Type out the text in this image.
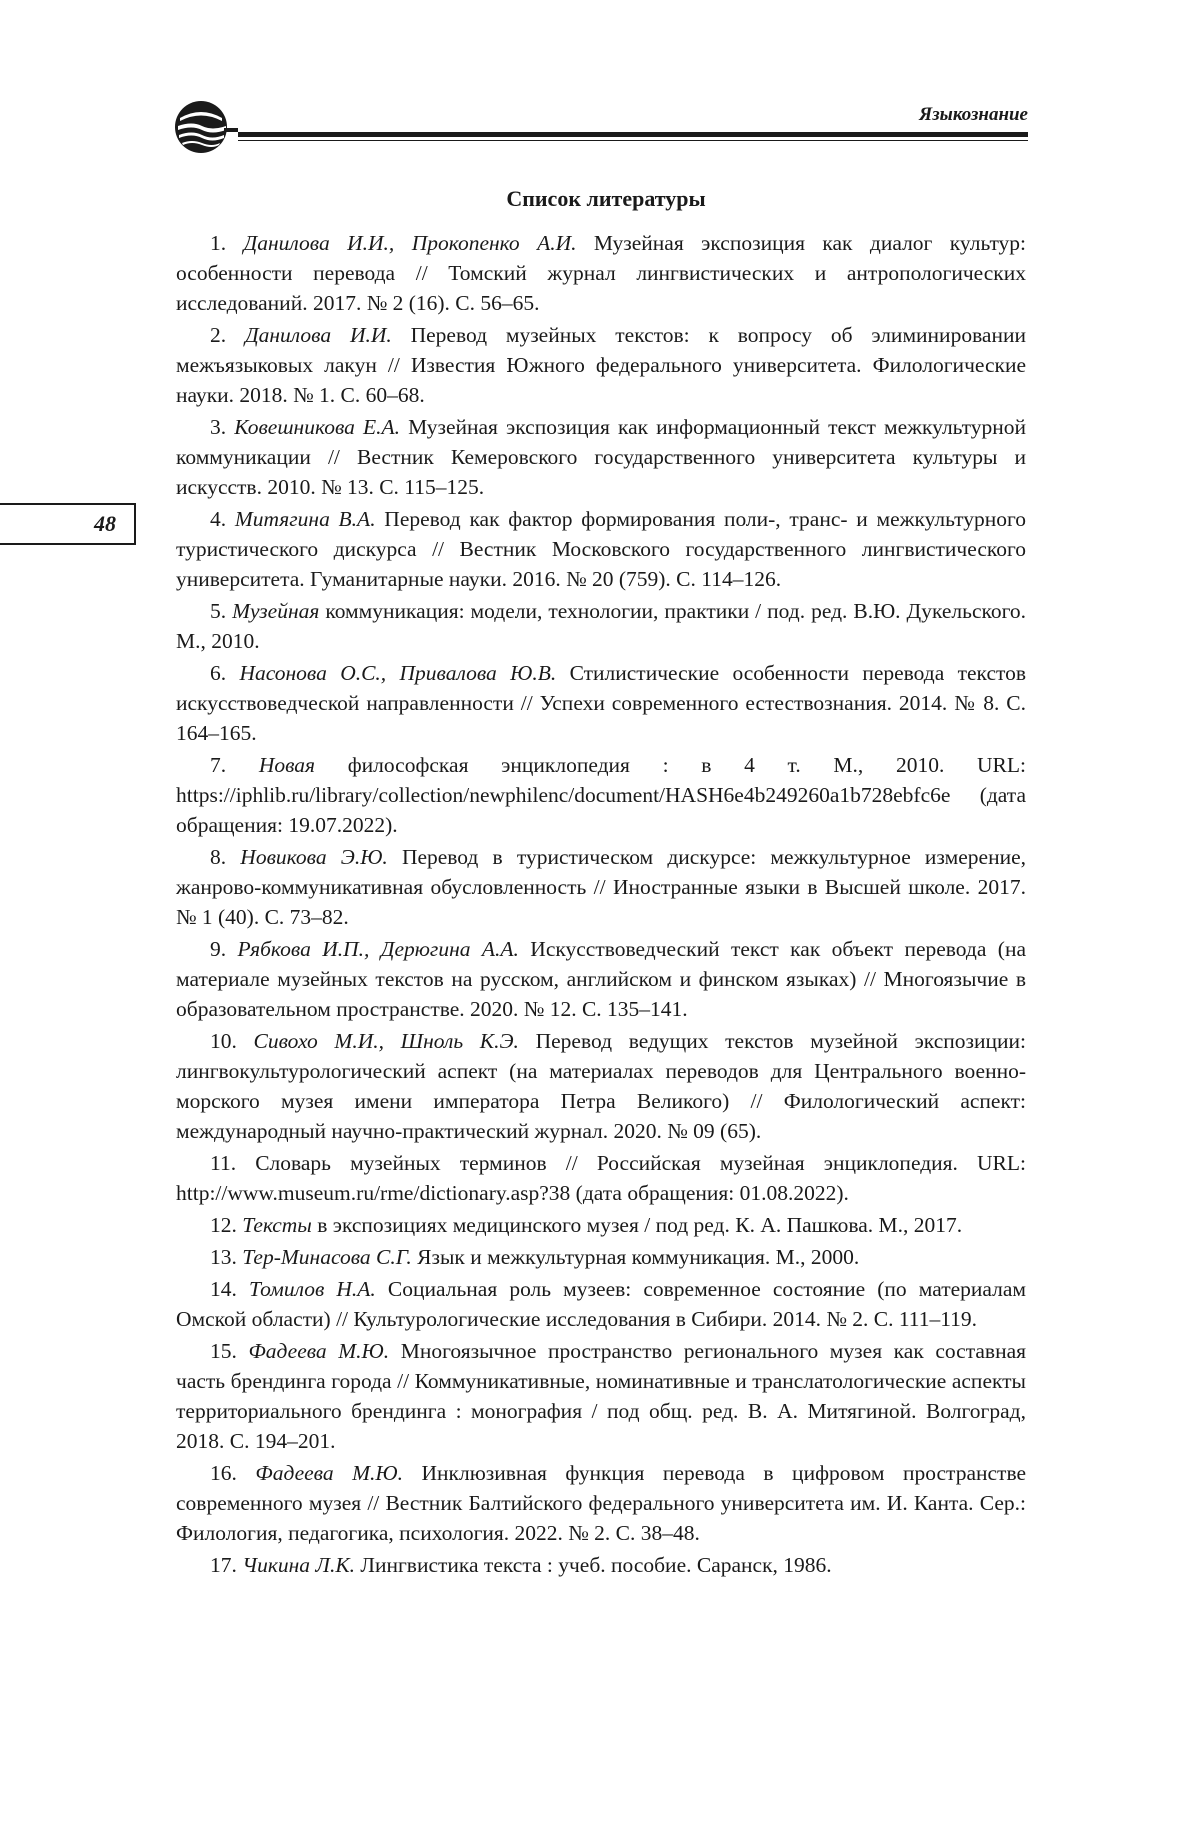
Языкознание
48
Список литературы
1. Данилова И.И., Прокопенко А.И. Музейная экспозиция как диалог культур: особенности перевода // Томский журнал лингвистических и антропологических исследований. 2017. № 2 (16). С. 56–65.
2. Данилова И.И. Перевод музейных текстов: к вопросу об элиминировании межъязыковых лакун // Известия Южного федерального университета. Филологические науки. 2018. № 1. С. 60–68.
3. Ковешникова Е.А. Музейная экспозиция как информационный текст межкультурной коммуникации // Вестник Кемеровского государственного университета культуры и искусств. 2010. № 13. С. 115–125.
4. Митягина В.А. Перевод как фактор формирования поли-, транс- и межкультурного туристического дискурса // Вестник Московского государственного лингвистического университета. Гуманитарные науки. 2016. № 20 (759). С. 114–126.
5. Музейная коммуникация: модели, технологии, практики / под. ред. В.Ю. Дукельского. М., 2010.
6. Насонова О.С., Привалова Ю.В. Стилистические особенности перевода текстов искусствоведческой направленности // Успехи современного естествознания. 2014. № 8. С. 164–165.
7. Новая философская энциклопедия : в 4 т. М., 2010. URL: https://iphlib.ru/library/collection/newphilenc/document/HASH6e4b249260a1b728ebfc6e (дата обращения: 19.07.2022).
8. Новикова Э.Ю. Перевод в туристическом дискурсе: межкультурное измерение, жанрово-коммуникативная обусловленность // Иностранные языки в Высшей школе. 2017. № 1 (40). С. 73–82.
9. Рябкова И.П., Дерюгина А.А. Искусствоведческий текст как объект перевода (на материале музейных текстов на русском, английском и финском языках) // Многоязычие в образовательном пространстве. 2020. № 12. С. 135–141.
10. Сивохо М.И., Шноль К.Э. Перевод ведущих текстов музейной экспозиции: лингвокультурологический аспект (на материалах переводов для Центрального военно-морского музея имени императора Петра Великого) // Филологический аспект: международный научно-практический журнал. 2020. № 09 (65).
11. Словарь музейных терминов // Российская музейная энциклопедия. URL: http://www.museum.ru/rme/dictionary.asp?38 (дата обращения: 01.08.2022).
12. Тексты в экспозициях медицинского музея / под ред. К. А. Пашкова. М., 2017.
13. Тер-Минасова С.Г. Язык и межкультурная коммуникация. М., 2000.
14. Томилов Н.А. Социальная роль музеев: современное состояние (по материалам Омской области) // Культурологические исследования в Сибири. 2014. № 2. С. 111–119.
15. Фадеева М.Ю. Многоязычное пространство регионального музея как составная часть брендинга города // Коммуникативные, номинативные и транслатологические аспекты территориального брендинга : монография / под общ. ред. В. А. Митягиной. Волгоград, 2018. С. 194–201.
16. Фадеева М.Ю. Инклюзивная функция перевода в цифровом пространстве современного музея // Вестник Балтийского федерального университета им. И. Канта. Сер.: Филология, педагогика, психология. 2022. № 2. С. 38–48.
17. Чикина Л.К. Лингвистика текста : учеб. пособие. Саранск, 1986.
